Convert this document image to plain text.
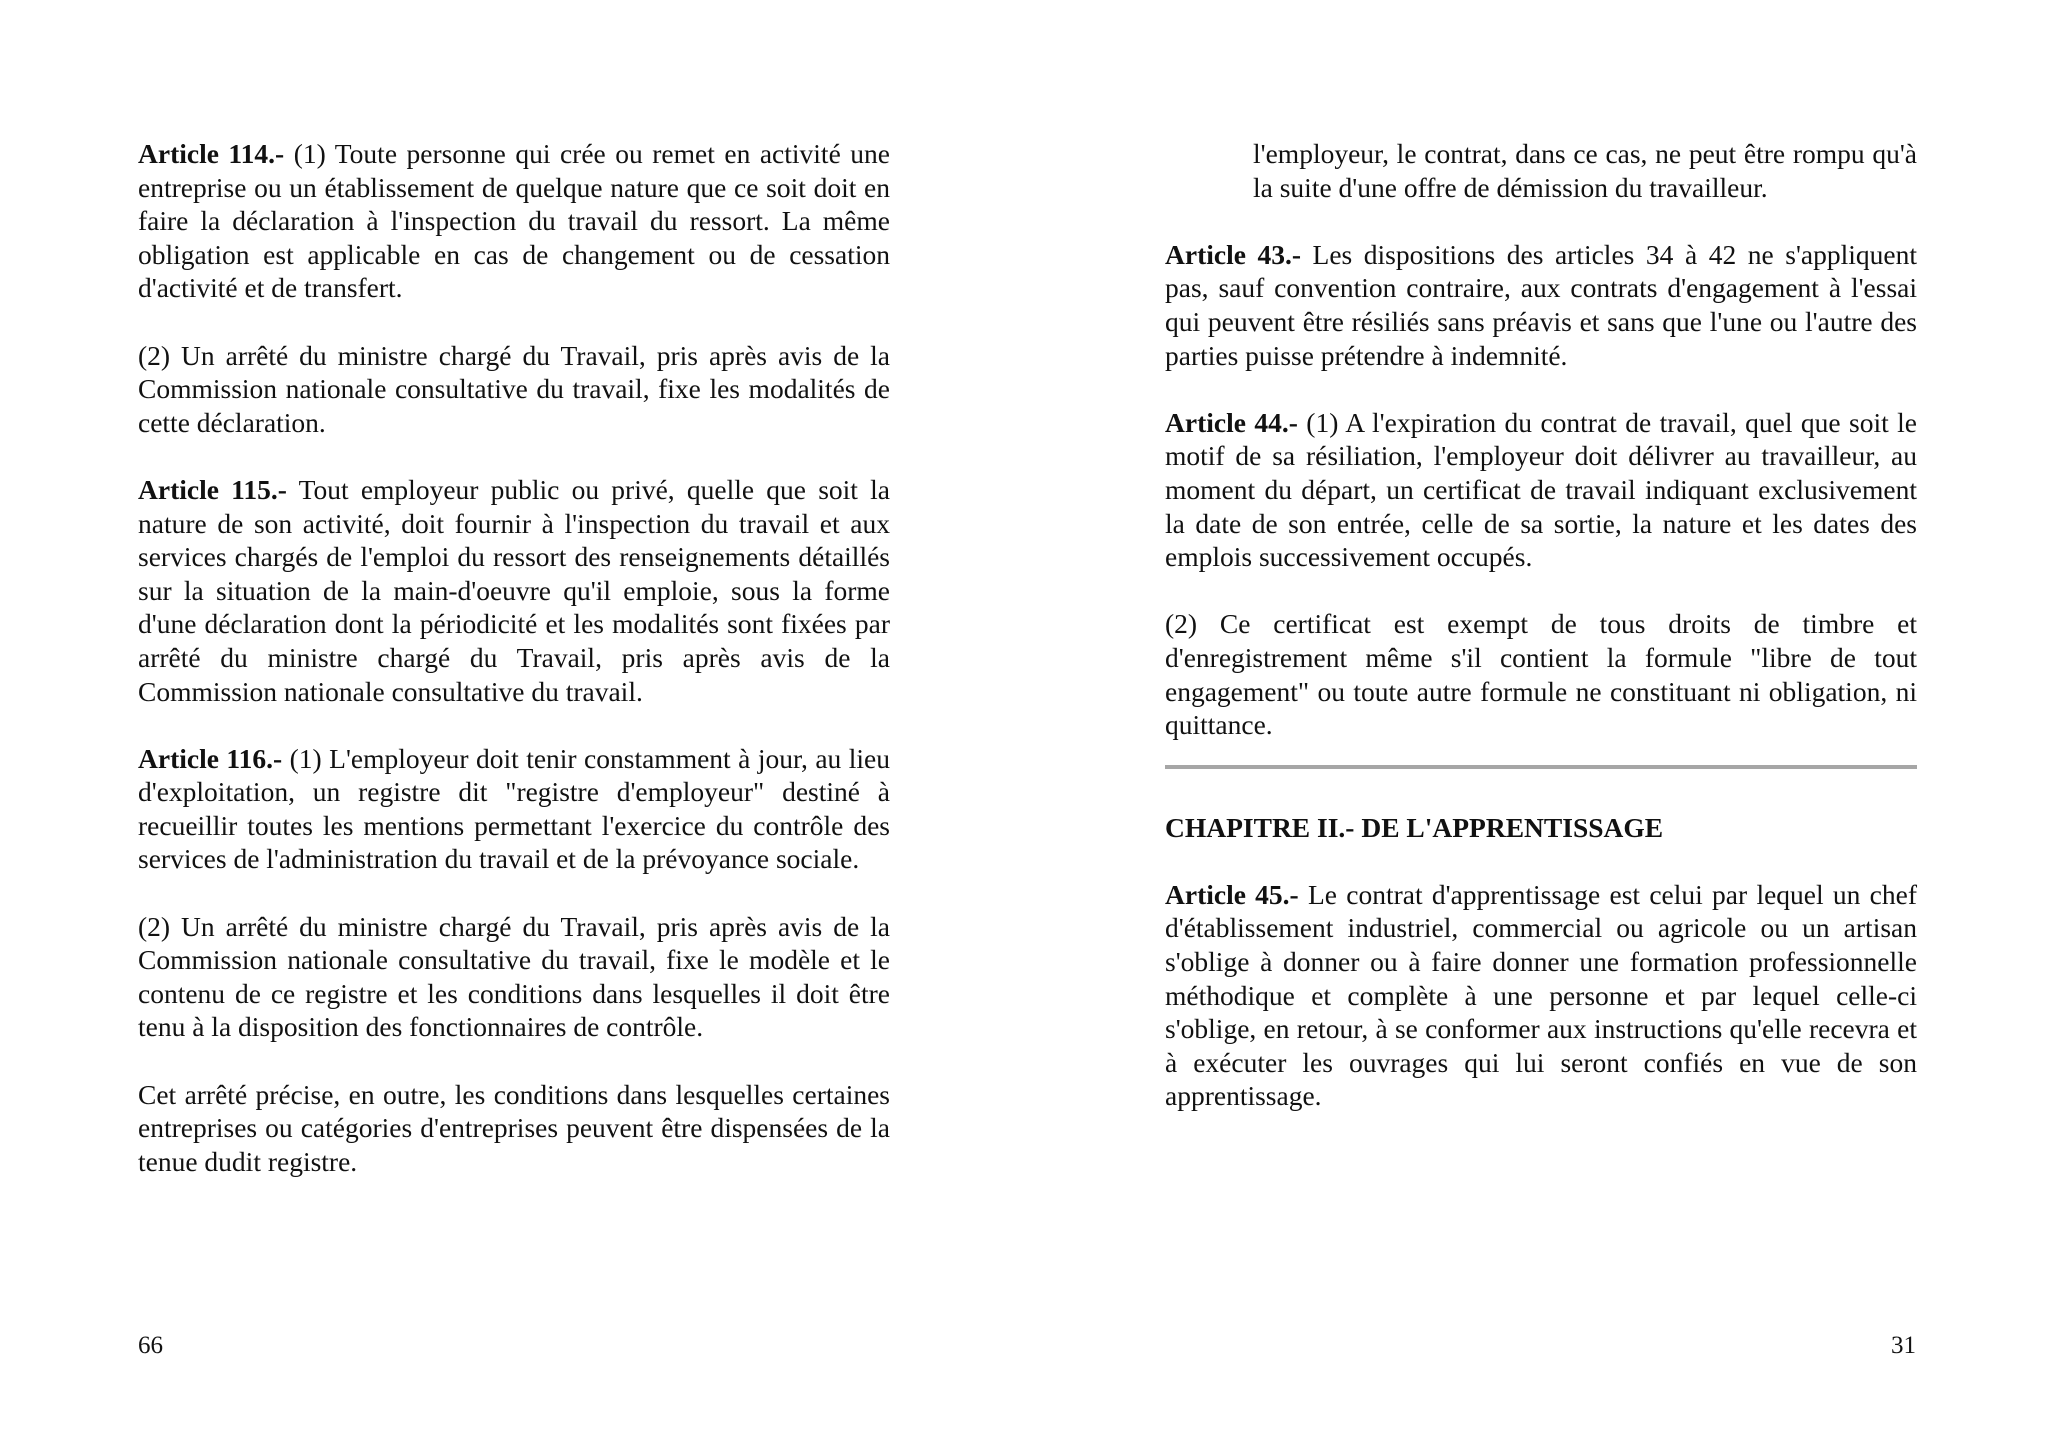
Article 114.- (1) Toute personne qui crée ou remet en activité une entreprise ou un établissement de quelque nature que ce soit doit en faire la déclaration à l'inspection du travail du ressort. La même obligation est applicable en cas de changement ou de cessation d'activité et de transfert.

(2) Un arrêté du ministre chargé du Travail, pris après avis de la Commission nationale consultative du travail, fixe les modalités de cette déclaration.

Article 115.- Tout employeur public ou privé, quelle que soit la nature de son activité, doit fournir à l'inspection du travail et aux services chargés de l'emploi du ressort des renseignements détaillés sur la situation de la main-d'oeuvre qu'il emploie, sous la forme d'une déclaration dont la périodicité et les modalités sont fixées par arrêté du ministre chargé du Travail, pris après avis de la Commission nationale consultative du travail.

Article 116.- (1) L'employeur doit tenir constamment à jour, au lieu d'exploitation, un registre dit "registre d'employeur" destiné à recueillir toutes les mentions permettant l'exercice du contrôle des services de l'administration du travail et de la prévoyance sociale.

(2) Un arrêté du ministre chargé du Travail, pris après avis de la Commission nationale consultative du travail, fixe le modèle et le contenu de ce registre et les conditions dans lesquelles il doit être tenu à la disposition des fonctionnaires de contrôle.

Cet arrêté précise, en outre, les conditions dans lesquelles certaines entreprises ou catégories d'entreprises peuvent être dispensées de la tenue dudit registre.

66

l'employeur, le contrat, dans ce cas, ne peut être rompu qu'à la suite d'une offre de démission du travailleur.

Article 43.- Les dispositions des articles 34 à 42 ne s'appliquent pas, sauf convention contraire, aux contrats d'engagement à l'essai qui peuvent être résiliés sans préavis et sans que l'une ou l'autre des parties puisse prétendre à indemnité.

Article 44.- (1) A l'expiration du contrat de travail, quel que soit le motif de sa résiliation, l'employeur doit délivrer au travailleur, au moment du départ, un certificat de travail indiquant exclusivement la date de son entrée, celle de sa sortie, la nature et les dates des emplois successivement occupés.

(2) Ce certificat est exempt de tous droits de timbre et d'enregistrement même s'il contient la formule "libre de tout engagement" ou toute autre formule ne constituant ni obligation, ni quittance.

CHAPITRE II.- DE L'APPRENTISSAGE

Article 45.- Le contrat d'apprentissage est celui par lequel un chef d'établissement industriel, commercial ou agricole ou un artisan s'oblige à donner ou à faire donner une formation professionnelle méthodique et complète à une personne et par lequel celle-ci s'oblige, en retour, à se conformer aux instructions qu'elle recevra et à exécuter les ouvrages qui lui seront confiés en vue de son apprentissage.

31
